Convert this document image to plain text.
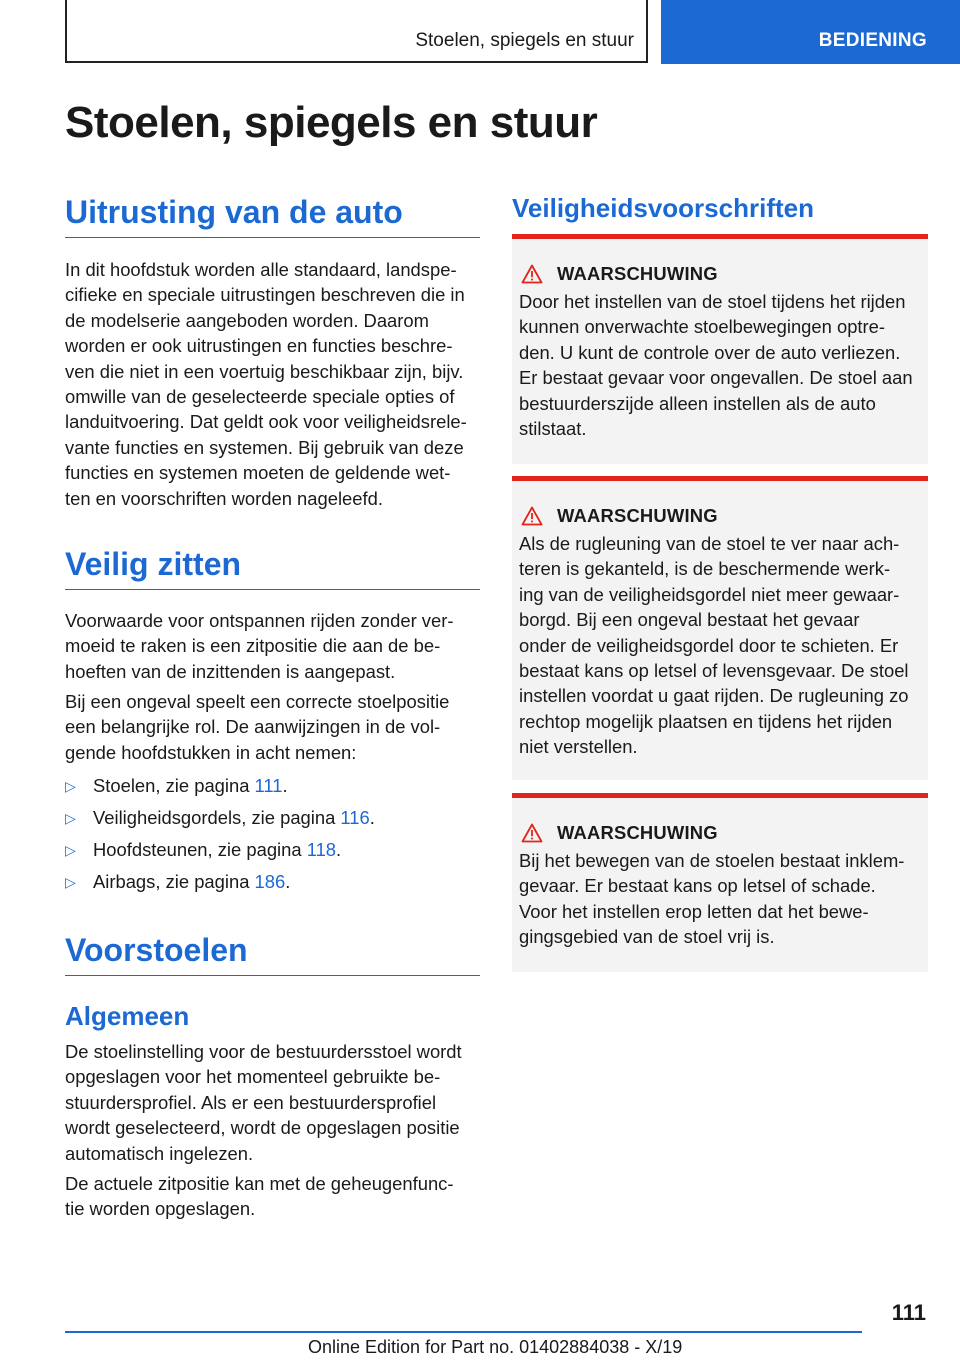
Stoelen, spiegels en stuur	BEDIENING
Stoelen, spiegels en stuur
Uitrusting van de auto

In dit hoofdstuk worden alle standaard, landspe-
cifieke en speciale uitrustingen beschreven die in
de modelserie aangeboden worden. Daarom
worden er ook uitrustingen en functies beschre-
ven die niet in een voertuig beschikbaar zijn, bijv.
omwille van de geselecteerde speciale opties of
landuitvoering. Dat geldt ook voor veiligheidsrele-
vante functies en systemen. Bij gebruik van deze
functies en systemen moeten de geldende wet-
ten en voorschriften worden nageleefd.

Veilig zitten

Voorwaarde voor ontspannen rijden zonder ver-
moeid te raken is een zitpositie die aan de be-
hoeften van de inzittenden is aangepast.

Bij een ongeval speelt een correcte stoelpositie
een belangrijke rol. De aanwijzingen in de vol-
gende hoofdstukken in acht nemen:

▷ Stoelen, zie pagina 111.
▷ Veiligheidsgordels, zie pagina 116.
▷ Hoofdsteunen, zie pagina 118.
▷ Airbags, zie pagina 186.
Voorstoelen
Algemeen

De stoelinstelling voor de bestuurdersstoel wordt
opgeslagen voor het momenteel gebruikte be-
stuurdersprofiel. Als er een bestuurdersprofiel
wordt geselecteerd, wordt de opgeslagen positie
automatisch ingelezen.

De actuele zitpositie kan met de geheugenfunc-
tie worden opgeslagen.

Veiligheidsvoorschriften
WAARSCHUWING

Door het instellen van de stoel tijdens het rijden
kunnen onverwachte stoelbewegingen optre-
den. U kunt de controle over de auto verliezen.
Er bestaat gevaar voor ongevallen. De stoel aan
bestuurderszijde alleen instellen als de auto
stilstaat.

WAARSCHUWING

Als de rugleuning van de stoel te ver naar ach-
teren is gekanteld, is de beschermende werk-
ing van de veiligheidsgordel niet meer gewaar-
borgd. Bij een ongeval bestaat het gevaar
onder de veiligheidsgordel door te schieten. Er
bestaat kans op letsel of levensgevaar. De stoel
instellen voordat u gaat rijden. De rugleuning zo
rechtop mogelijk plaatsen en tijdens het rijden
niet verstellen.

WAARSCHUWING

Bij het bewegen van de stoelen bestaat inklem-
gevaar. Er bestaat kans op letsel of schade.
Voor het instellen erop letten dat het bewe-
gingsgebied van de stoel vrij is.

111
Online Edition for Part no. 01402884038 - X/19
